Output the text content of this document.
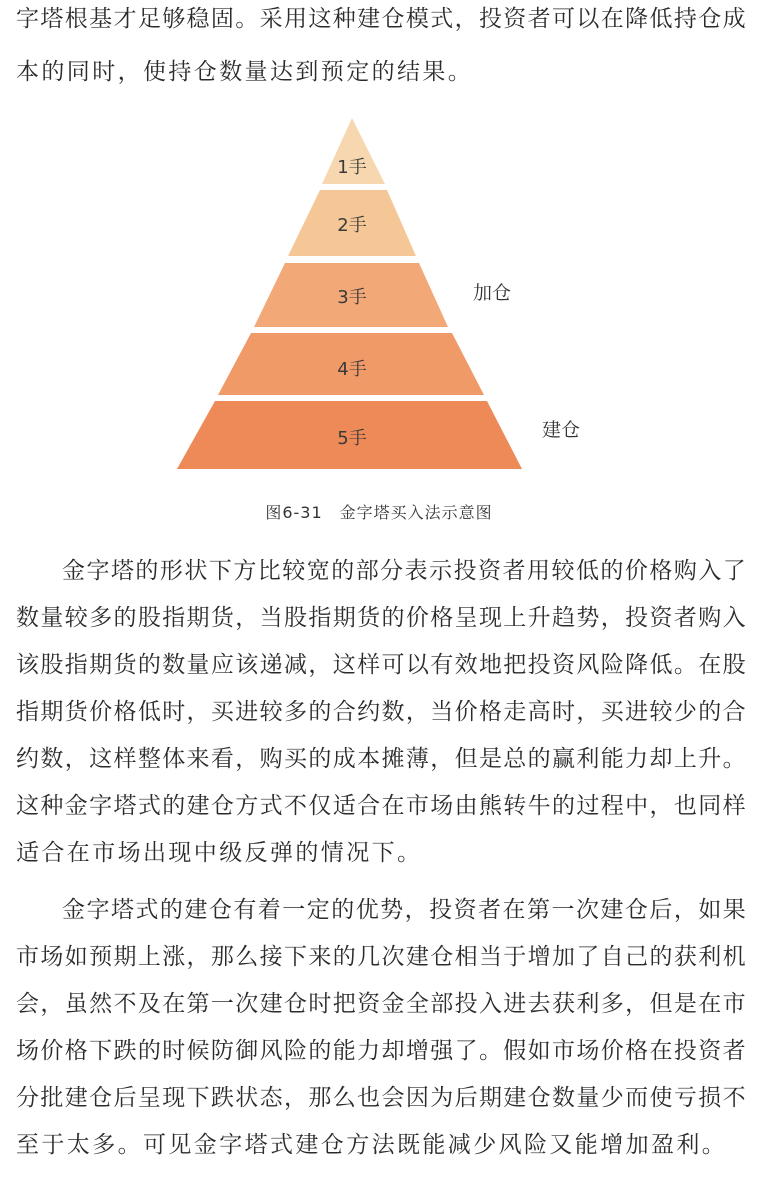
字塔根基才足够稳固。采用这种建仓模式，投资者可以在降低持仓成
本的同时，使持仓数量达到预定的结果。
1手
2手
3手
4手
5手
加仓
建仓
图6-31　金字塔买入法示意图
金字塔的形状下方比较宽的部分表示投资者用较低的价格购入了
数量较多的股指期货，当股指期货的价格呈现上升趋势，投资者购入
该股指期货的数量应该递减，这样可以有效地把投资风险降低。在股
指期货价格低时，买进较多的合约数，当价格走高时，买进较少的合
约数，这样整体来看，购买的成本摊薄，但是总的赢利能力却上升。
这种金字塔式的建仓方式不仅适合在市场由熊转牛的过程中，也同样
适合在市场出现中级反弹的情况下。
金字塔式的建仓有着一定的优势，投资者在第一次建仓后，如果
市场如预期上涨，那么接下来的几次建仓相当于增加了自己的获利机
会，虽然不及在第一次建仓时把资金全部投入进去获利多，但是在市
场价格下跌的时候防御风险的能力却增强了。假如市场价格在投资者
分批建仓后呈现下跌状态，那么也会因为后期建仓数量少而使亏损不
至于太多。可见金字塔式建仓方法既能减少风险又能增加盈利。
